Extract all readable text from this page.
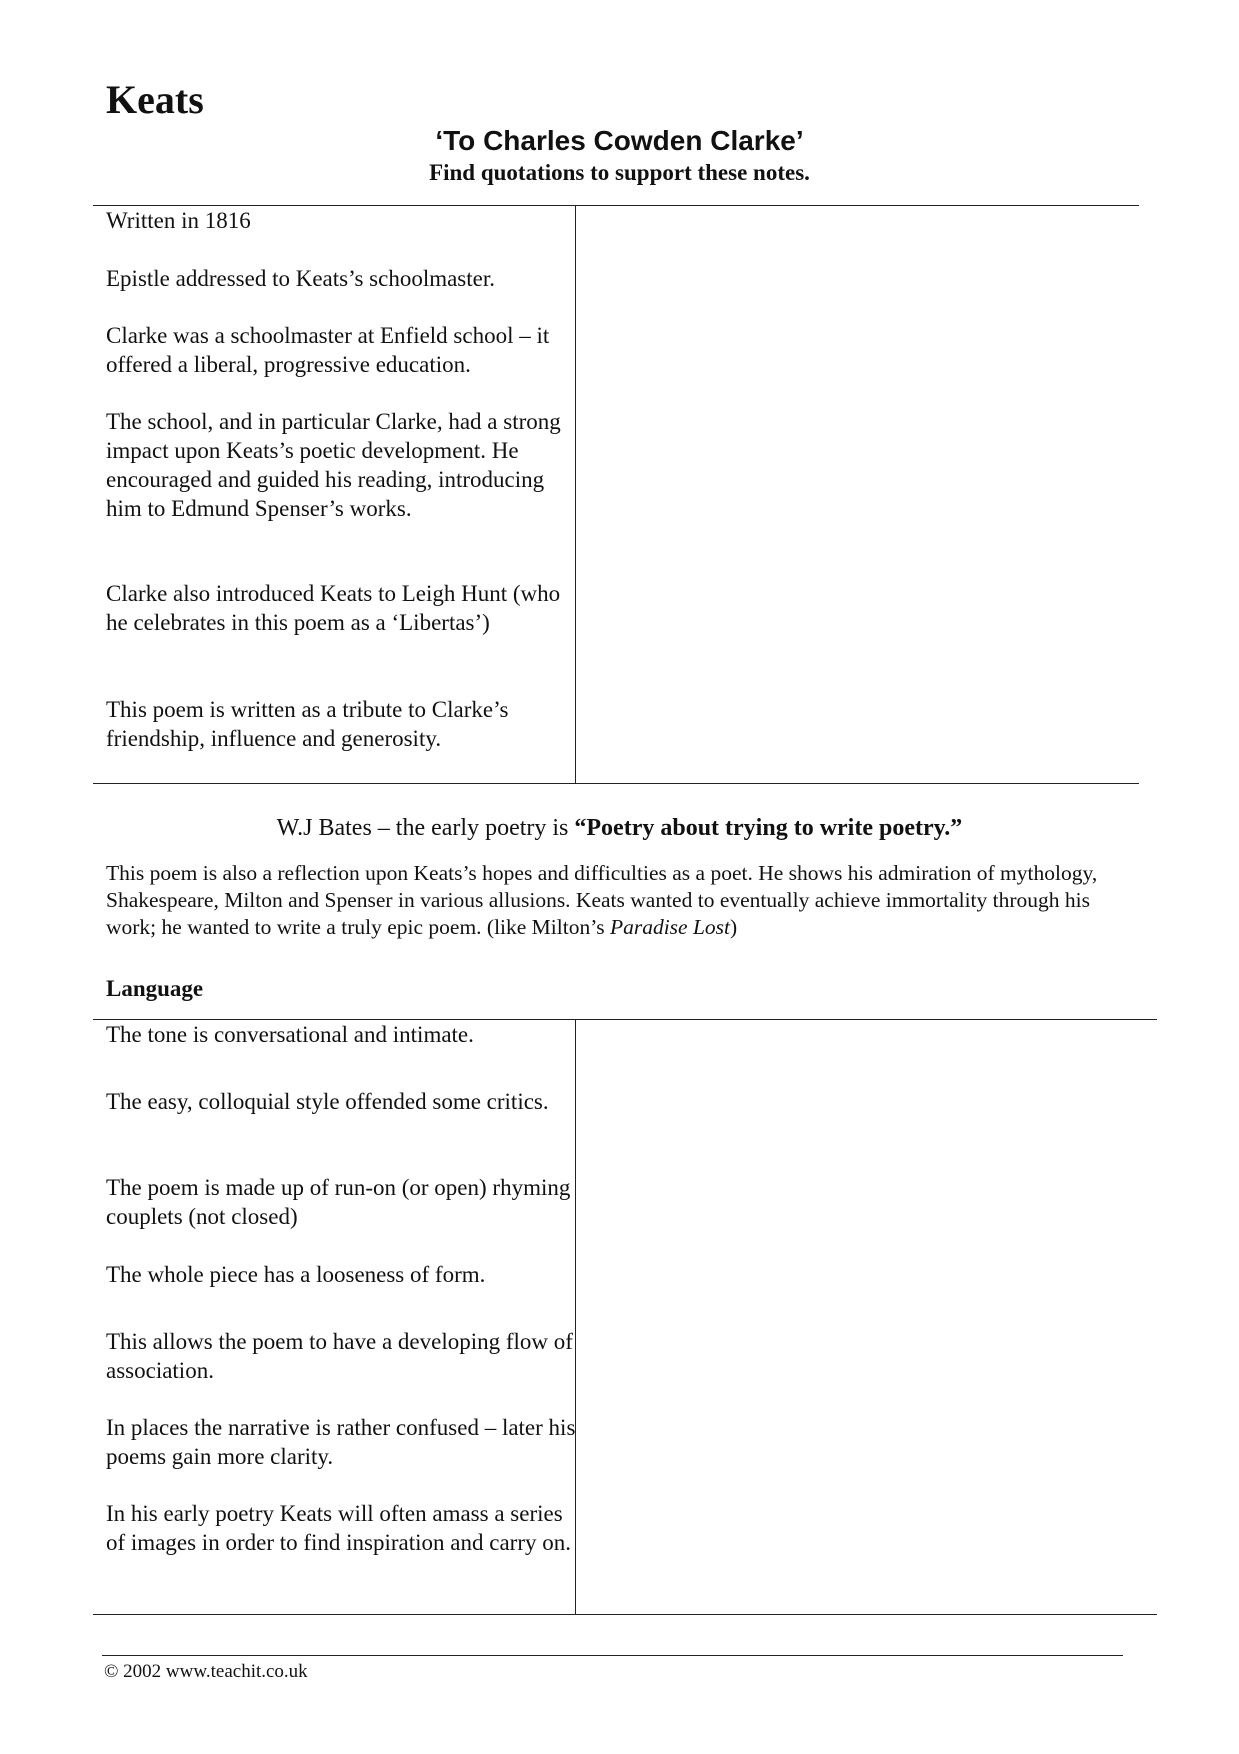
Keats
‘To Charles Cowden Clarke’

Find quotations to support these notes.

Written in 1816

Epistle addressed to Keats’s schoolmaster.

Clarke was a schoolmaster at Enfield school – it offered a liberal, progressive education.

The school, and in particular Clarke, had a strong impact upon Keats’s poetic development. He encouraged and guided his reading, introducing him to Edmund Spenser’s works.

Clarke also introduced Keats to Leigh Hunt (who he celebrates in this poem as a ‘Libertas’)

This poem is written as a tribute to Clarke’s friendship, influence and generosity.

W.J Bates – the early poetry is “Poetry about trying to write poetry.”

This poem is also a reflection upon Keats’s hopes and difficulties as a poet. He shows his admiration of mythology, Shakespeare, Milton and Spenser in various allusions. Keats wanted to eventually achieve immortality through his work; he wanted to write a truly epic poem. (like Milton’s Paradise Lost)

Language

The tone is conversational and intimate.

The easy, colloquial style offended some critics.

The poem is made up of run-on (or open) rhyming couplets (not closed)

The whole piece has a looseness of form.

This allows the poem to have a developing flow of association.

In places the narrative is rather confused – later his poems gain more clarity.

In his early poetry Keats will often amass a series of images in order to find inspiration and carry on.

© 2002 www.teachit.co.uk
